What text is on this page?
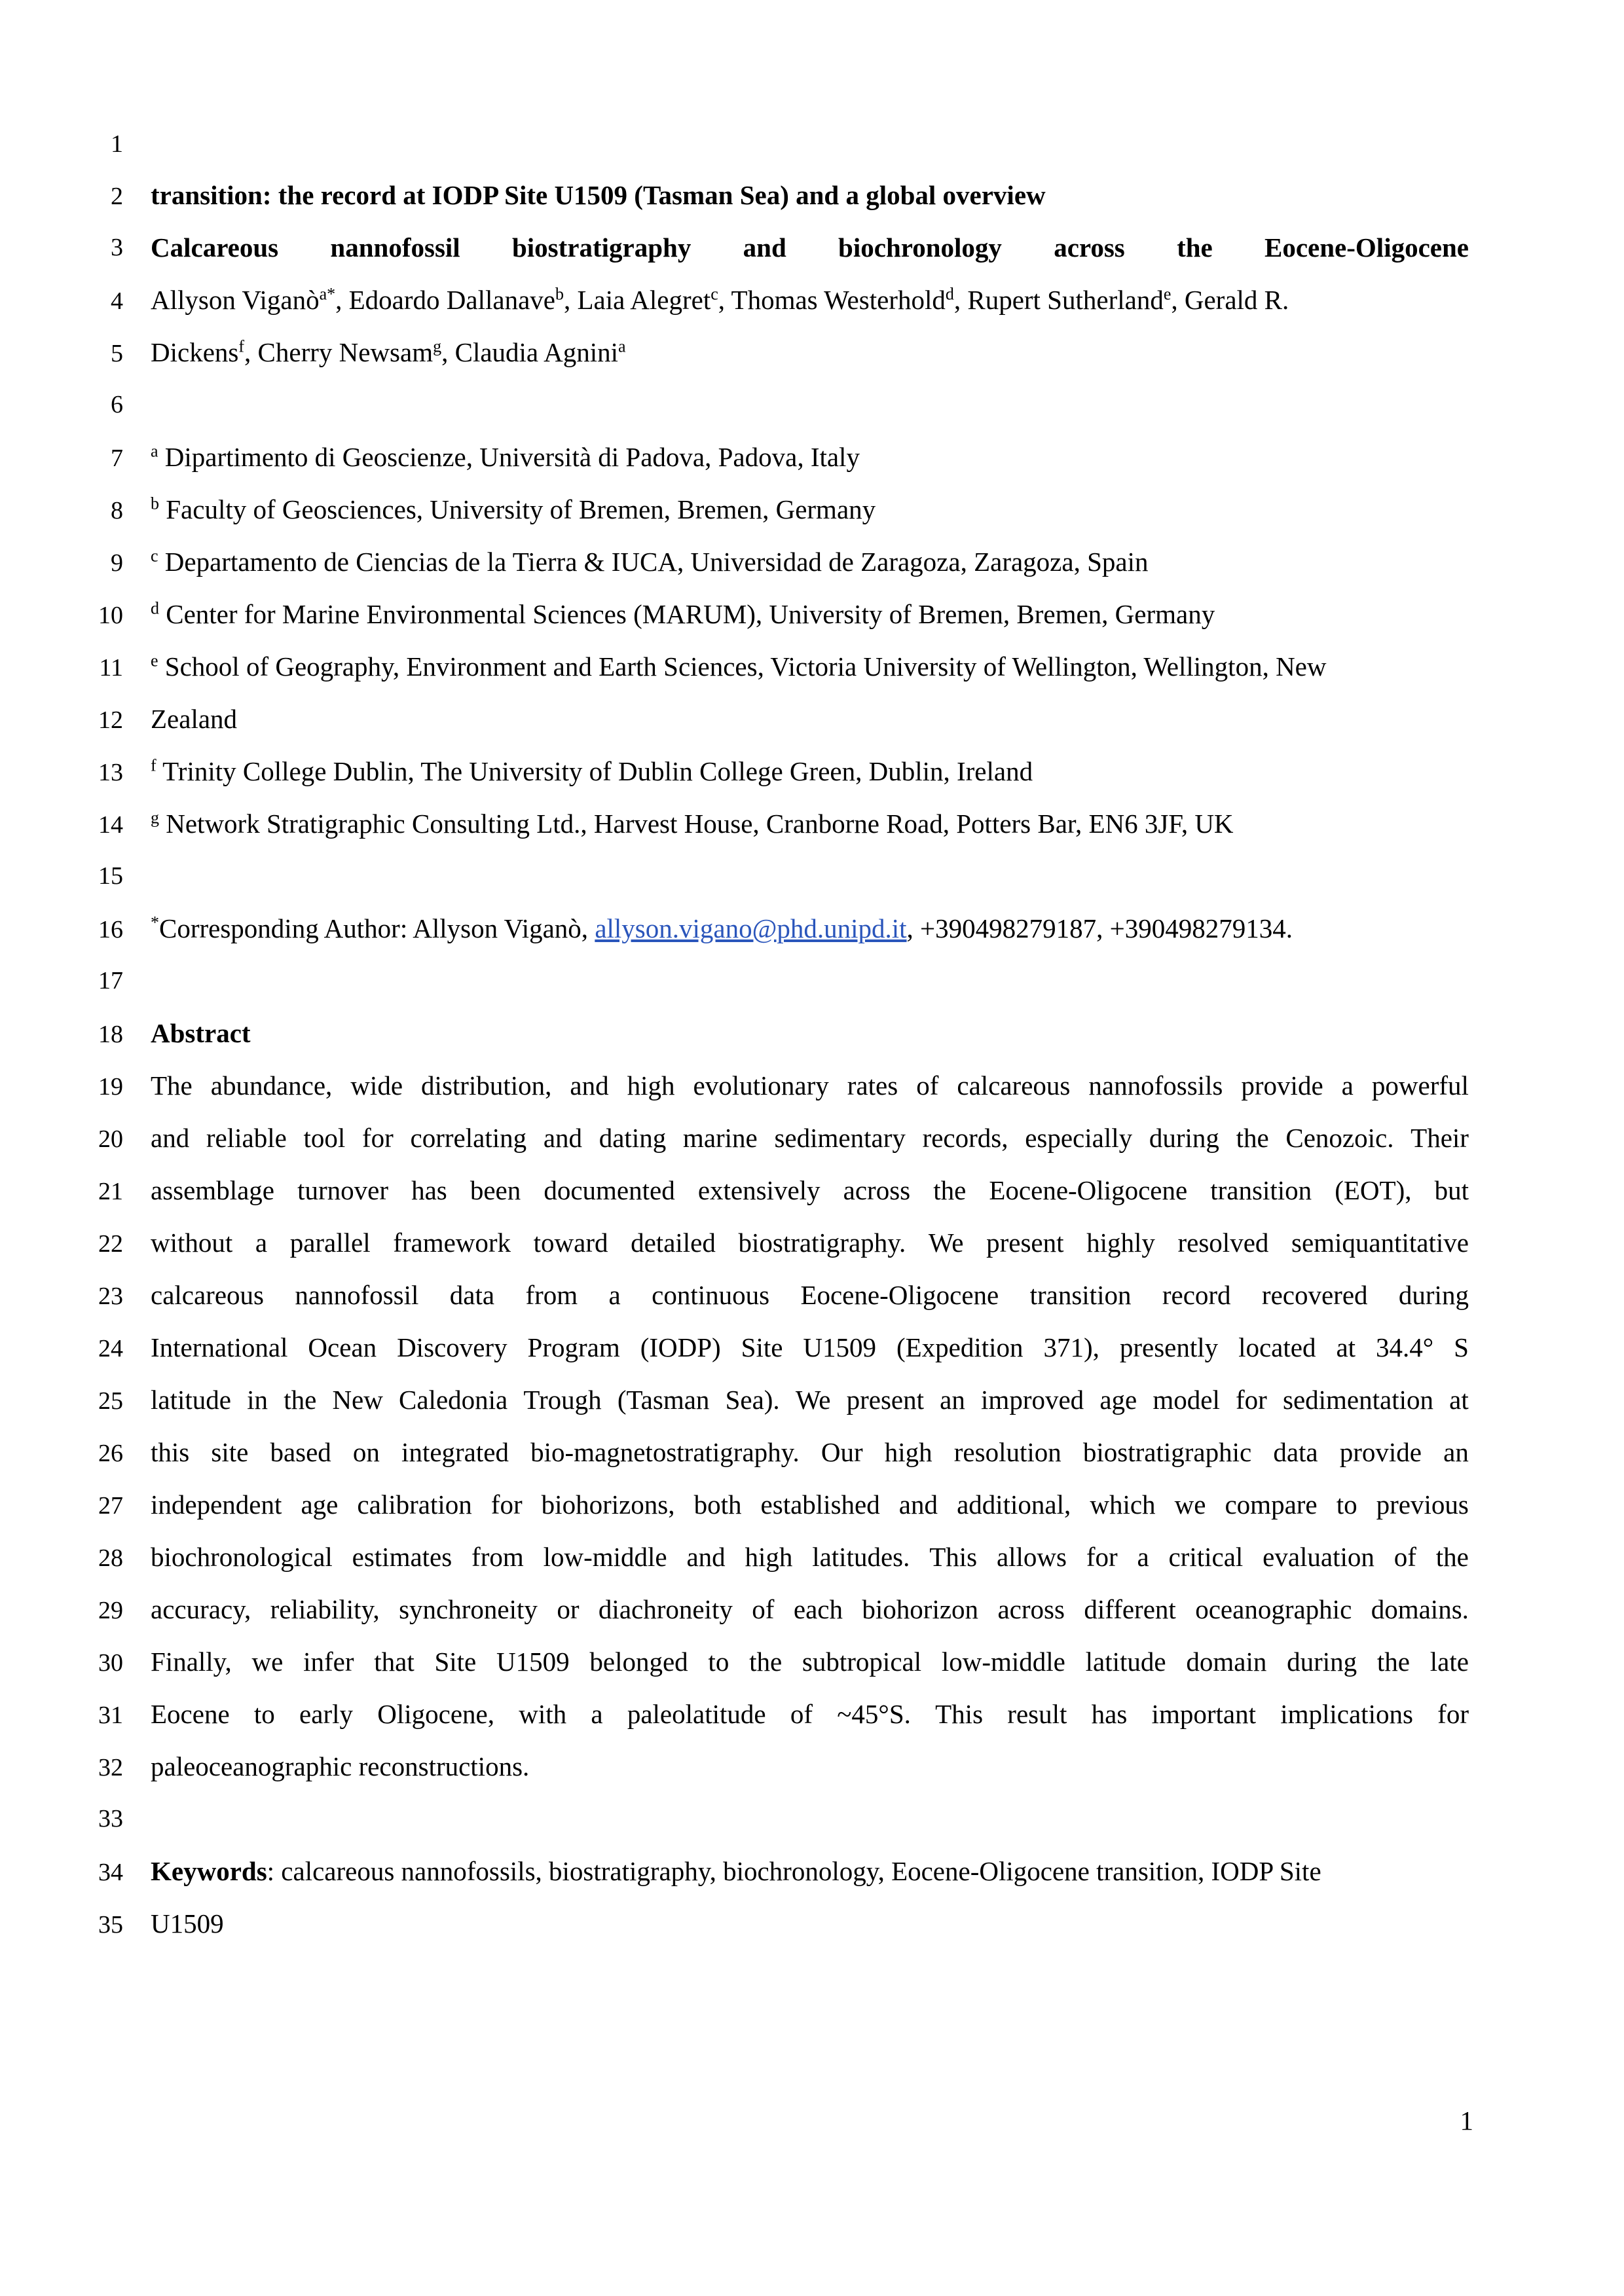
1

Calcareous nannofossil biostratigraphy and biochronology across the Eocene-Oligocene

2	transition: the record at IODP Site U1509 (Tasman Sea) and a global overview
3
4	Allyson Viganò$^{a*}$, Edoardo Dallanave$^b$, Laia Alegret$^c$, Thomas Westerhold$^d$, Rupert Sutherland$^e$, Gerald R.
5	Dickens$^f$, Cherry Newsam$^g$, Claudia Agnini$^a$
6
7	$^a$ Dipartimento di Geoscienze, Università di Padova, Padova, Italy
8	$^b$ Faculty of Geosciences, University of Bremen, Bremen, Germany
9	$^c$ Departamento de Ciencias de la Tierra & IUCA, Universidad de Zaragoza, Zaragoza, Spain
10	$^d$ Center for Marine Environmental Sciences (MARUM), University of Bremen, Bremen, Germany
11	$^e$ School of Geography, Environment and Earth Sciences, Victoria University of Wellington, Wellington, New
12	Zealand
13	$^f$ Trinity College Dublin, The University of Dublin College Green, Dublin, Ireland
14	$^g$ Network Stratigraphic Consulting Ltd., Harvest House, Cranborne Road, Potters Bar, EN6 3JF, UK
15
16	*Corresponding Author: Allyson Viganò, allyson.vigano@phd.unipd.it, +390498279187, +390498279134.
17
18	Abstract
19	The abundance, wide distribution, and high evolutionary rates of calcareous nannofossils provide a powerful
20	and reliable tool for correlating and dating marine sedimentary records, especially during the Cenozoic. Their
21	assemblage turnover has been documented extensively across the Eocene-Oligocene transition (EOT), but
22	without a parallel framework toward detailed biostratigraphy. We present highly resolved semiquantitative
23	calcareous nannofossil data from a continuous Eocene-Oligocene transition record recovered during
24	International Ocean Discovery Program (IODP) Site U1509 (Expedition 371), presently located at 34.4° S
25	latitude in the New Caledonia Trough (Tasman Sea). We present an improved age model for sedimentation at
26	this site based on integrated bio-magnetostratigraphy. Our high resolution biostratigraphic data provide an
27	independent age calibration for biohorizons, both established and additional, which we compare to previous
28	biochronological estimates from low-middle and high latitudes. This allows for a critical evaluation of the
29	accuracy, reliability, synchroneity or diachroneity of each biohorizon across different oceanographic domains.
30	Finally, we infer that Site U1509 belonged to the subtropical low-middle latitude domain during the late
31	Eocene to early Oligocene, with a paleolatitude of ~45°S. This result has important implications for
32	paleoceanographic reconstructions.
33
34	Keywords: calcareous nannofossils, biostratigraphy, biochronology, Eocene-Oligocene transition, IODP Site
35	U1509
1
